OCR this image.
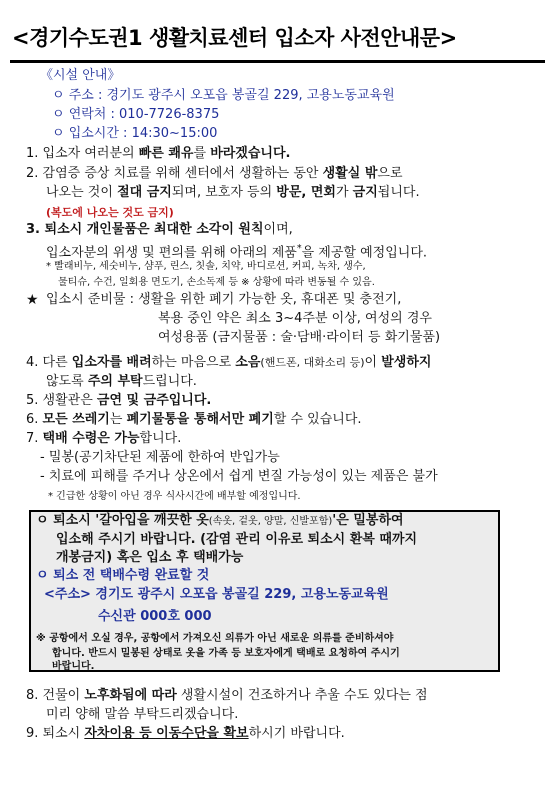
<경기수도권1 생활치료센터 입소자 사전안내문>
《시설 안내》
ㅇ 주소 : 경기도 광주시 오포읍 봉골길 229, 고용노동교육원
ㅇ 연락처 : 010-7726-8375
ㅇ 입소시간 : 14:30~15:00
1. 입소자 여러분의 빠른 쾌유를 바라겠습니다.
2. 감염증 증상 치료를 위해 센터에서 생활하는 동안 생활실 밖으로
나오는 것이 절대 금지되며, 보호자 등의 방문, 면회가 금지됩니다.
(복도에 나오는 것도 금지)
3. 퇴소시 개인물품은 최대한 소각이 원칙이며,
입소자분의 위생 및 편의를 위해 아래의 제품*을 제공할 예정입니다.
* 빨래비누, 세숫비누, 샴푸, 린스, 칫솔, 치약, 바디로션, 커피, 녹차, 생수,
물티슈, 수건, 일회용 면도기, 손소독제 등 ※ 상황에 따라 변동될 수 있음.
★ 입소시 준비물 : 생활을 위한 폐기 가능한 옷, 휴대폰 및 충전기,
복용 중인 약은 최소 3~4주분 이상, 여성의 경우
여성용품 (금지물품 : 술·담배·라이터 등 화기물품)
4. 다른 입소자를 배려하는 마음으로 소음(핸드폰, 대화소리 등)이 발생하지
않도록 주의 부탁드립니다.
5. 생활관은 금연 및 금주입니다.
6. 모든 쓰레기는 폐기물통을 통해서만 폐기할 수 있습니다.
7. 택배 수령은 가능합니다.
- 밀봉(공기차단된 제품에 한하여 반입가능
- 치료에 피해를 주거나 상온에서 쉽게 변질 가능성이 있는 제품은 불가
* 긴급한 상황이 아닌 경우 식사시간에 배부할 예정입니다.
ㅇ 퇴소시 '갈아입을 깨끗한 옷(속옷, 겉옷, 양말, 신발포함)'은 밀봉하여
입소해 주시기 바랍니다. (감염 관리 이유로 퇴소시 환복 때까지
개봉금지) 혹은 입소 후 택배가능
ㅇ 퇴소 전 택배수령 완료할 것
<주소> 경기도 광주시 오포읍 봉골길 229, 고용노동교육원
수신관 000호 000
※ 공항에서 오실 경우, 공항에서 가져오신 의류가 아닌 새로운 의류를 준비하셔야
합니다. 반드시 밀봉된 상태로 옷을 가족 등 보호자에게 택배로 요청하여 주시기
바랍니다.
8. 건물이 노후화됨에 따라 생활시설이 건조하거나 추울 수도 있다는 점
미리 양해 말씀 부탁드리겠습니다.
9. 퇴소시 자차이용 등 이동수단을 확보하시기 바랍니다.
